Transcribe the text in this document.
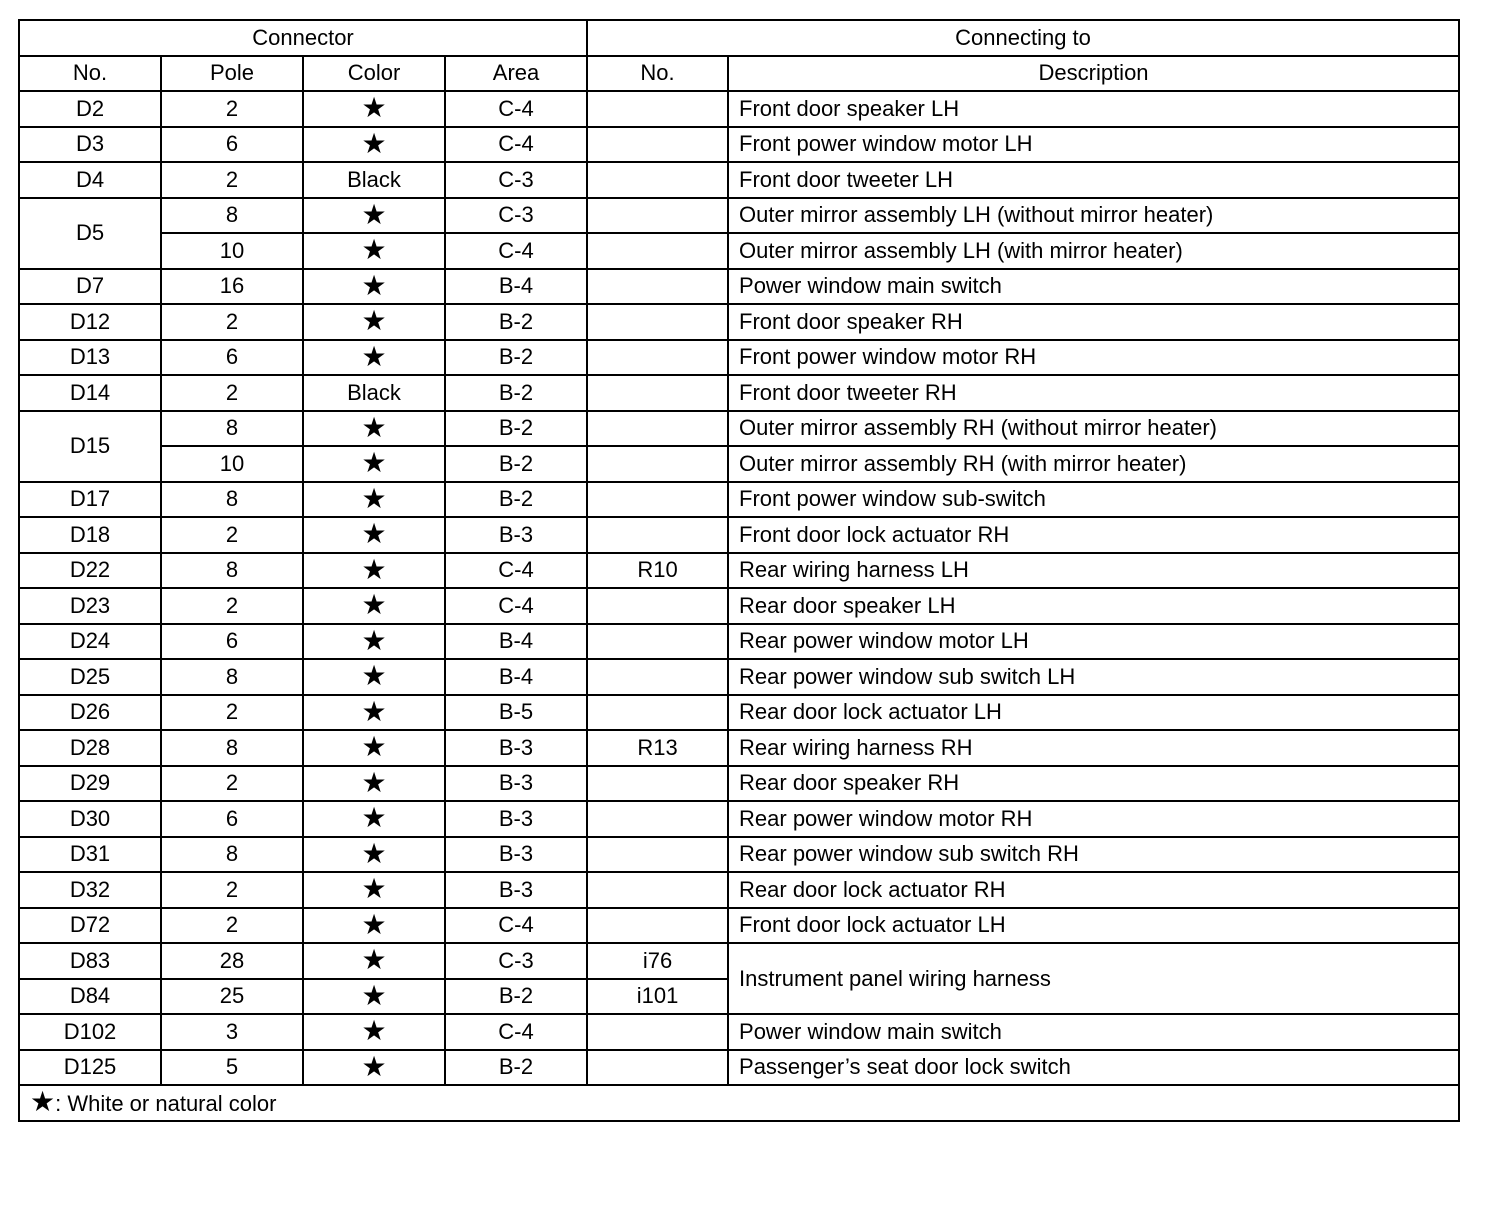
Connector				Connecting to	
No.	Pole	Color	Area	No.	Description
D2	2	★	C-4		Front door speaker LH
D3	6	★	C-4		Front power window motor LH
D4	2	Black	C-3		Front door tweeter LH
D5	8	★	C-3		Outer mirror assembly LH (without mirror heater)
	10	★	C-4		Outer mirror assembly LH (with mirror heater)
D7	16	★	B-4		Power window main switch
D12	2	★	B-2		Front door speaker RH
D13	6	★	B-2		Front power window motor RH
D14	2	Black	B-2		Front door tweeter RH
D15	8	★	B-2		Outer mirror assembly RH (without mirror heater)
	10	★	B-2		Outer mirror assembly RH (with mirror heater)
D17	8	★	B-2		Front power window sub-switch
D18	2	★	B-3		Front door lock actuator RH
D22	8	★	C-4	R10	Rear wiring harness LH
D23	2	★	C-4		Rear door speaker LH
D24	6	★	B-4		Rear power window motor LH
D25	8	★	B-4		Rear power window sub switch LH
D26	2	★	B-5		Rear door lock actuator LH
D28	8	★	B-3	R13	Rear wiring harness RH
D29	2	★	B-3		Rear door speaker RH
D30	6	★	B-3		Rear power window motor RH
D31	8	★	B-3		Rear power window sub switch RH
D32	2	★	B-3		Rear door lock actuator RH
D72	2	★	C-4		Front door lock actuator LH
D83	28	★	C-3	i76	Instrument panel wiring harness
D84	25	★	B-2	i101	
D102	3	★	C-4		Power window main switch
D125	5	★	B-2		Passenger’s seat door lock switch
★: White or natural color					
